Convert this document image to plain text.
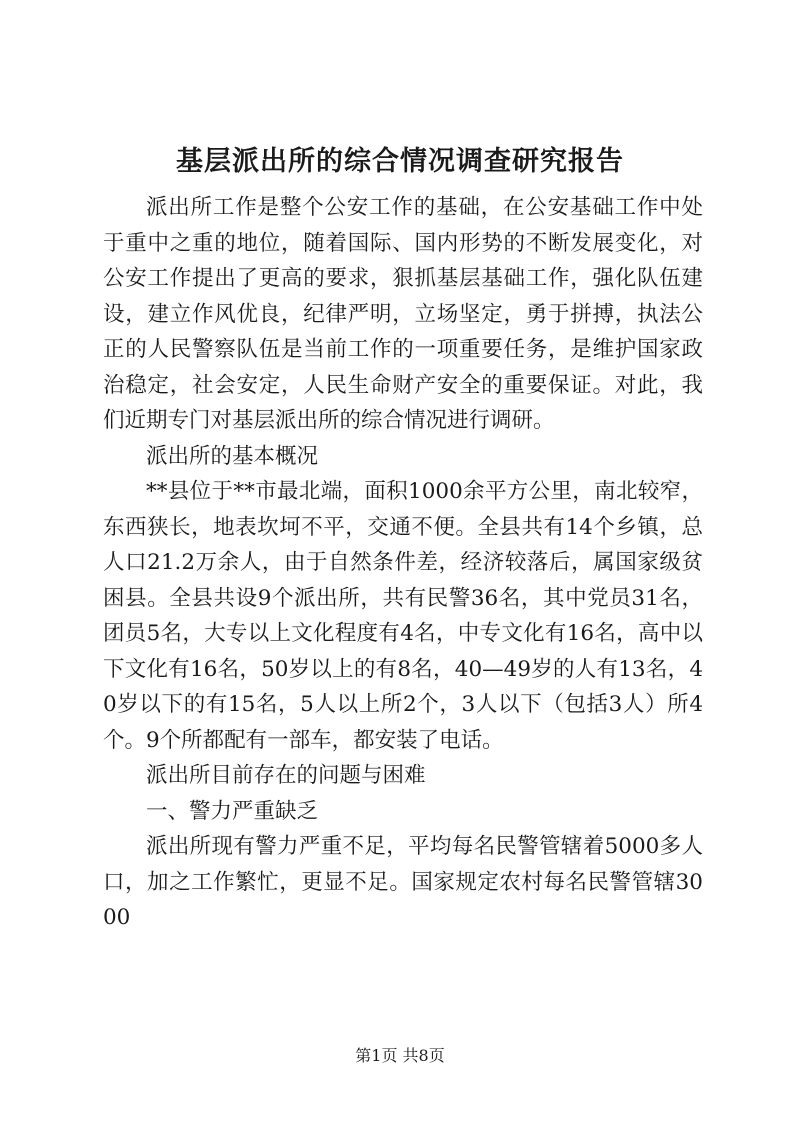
基层派出所的综合情况调查研究报告

派出所工作是整个公安工作的基础，在公安基础工作中处于重中之重的地位，随着国际、国内形势的不断发展变化，对公安工作提出了更高的要求，狠抓基层基础工作，强化队伍建设，建立作风优良，纪律严明，立场坚定，勇于拼搏，执法公正的人民警察队伍是当前工作的一项重要任务，是维护国家政治稳定，社会安定，人民生命财产安全的重要保证。对此，我们近期专门对基层派出所的综合情况进行调研。

派出所的基本概况

**县位于**市最北端，面积1000余平方公里，南北较窄，东西狭长，地表坎坷不平，交通不便。全县共有14个乡镇，总人口21.2万余人，由于自然条件差，经济较落后，属国家级贫困县。全县共设9个派出所，共有民警36名，其中党员31名，团员5名，大专以上文化程度有4名，中专文化有16名，高中以下文化有16名，50岁以上的有8名，40—49岁的人有13名，40岁以下的有15名，5人以上所2个，3人以下（包括3人）所4个。9个所都配有一部车，都安装了电话。

派出所目前存在的问题与困难

一、警力严重缺乏

派出所现有警力严重不足，平均每名民警管辖着5000多人口，加之工作繁忙，更显不足。国家规定农村每名民警管辖3000

第1页 共8页
